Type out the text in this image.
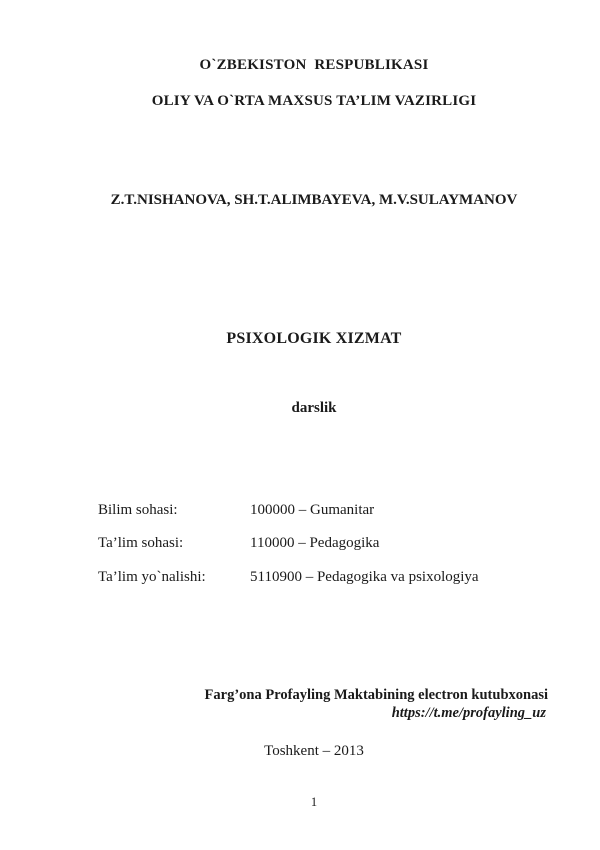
O`ZBEKISTON  RESPUBLIKASI
OLIY VA O`RTA MAXSUS TA’LIM VAZIRLIGI
Z.T.NISHANOVA, SH.T.ALIMBAYEVA, M.V.SULAYMANOV
PSIXOLOGIK XIZMAT
darslik
Bilim sohasi:	100000 – Gumanitar
Ta’lim sohasi:	110000 – Pedagogika
Ta’lim yo`nalishi:	5110900 – Pedagogika va psixologiya
Farg’ona Profayling Maktabining electron kutubxonasi
https://t.me/profayling_uz
Toshkent – 2013
1
